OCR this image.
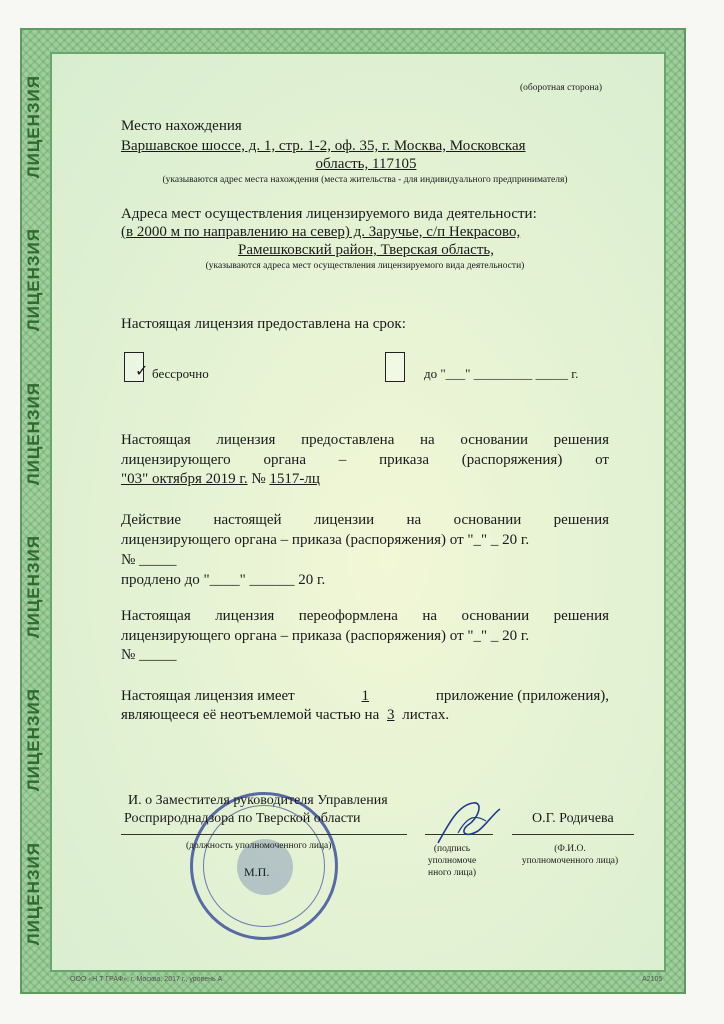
ЛИЦЕНЗИЯ
ЛИЦЕНЗИЯ
ЛИЦЕНЗИЯ
ЛИЦЕНЗИЯ
ЛИЦЕНЗИЯ
ЛИЦЕНЗИЯ
(оборотная сторона)
Место нахождения
Варшавское шоссе, д. 1, стр. 1-2, оф. 35, г. Москва, Московская
область, 117105
(указываются адрес места нахождения (места жительства - для индивидуального предпринимателя)
Адреса мест осуществления лицензируемого вида деятельности:
(в 2000 м по направлению на север) д. Заручье, с/п Некрасово,
Рамешковский район, Тверская область,
(указываются адреса мест осуществления лицензируемого вида деятельности)
Настоящая лицензия предоставлена на срок:
✓ бессрочно	до "___" _________ _____ г.
Настоящая лицензия предоставлена на основании решения
лицензирующего органа – приказа (распоряжения) от
"03" октября 2019 г. № 1517-лц
Действие настоящей лицензии на основании решения
лицензирующего органа – приказа (распоряжения) от "_" _ 20 г.
№ _____
продлено до "____" ______ 20 г.
Настоящая лицензия переоформлена на основании решения
лицензирующего органа – приказа (распоряжения) от "_" _ 20 г.
№ _____
Настоящая лицензия имеет	1	приложение (приложения),
являющееся её неотъемлемой частью на 3 листах.
И. о Заместителя руководителя Управления
Росприроднадзора по Тверской области	О.Г. Родичева
(должность уполномоченного лица)	(подпись
уполномоче
нного лица)
(Ф.И.О.
уполномоченного лица)
М.П.
ООО «Н Т ГРАФ», г. Москва, 2017 г., уровень А	А2105
